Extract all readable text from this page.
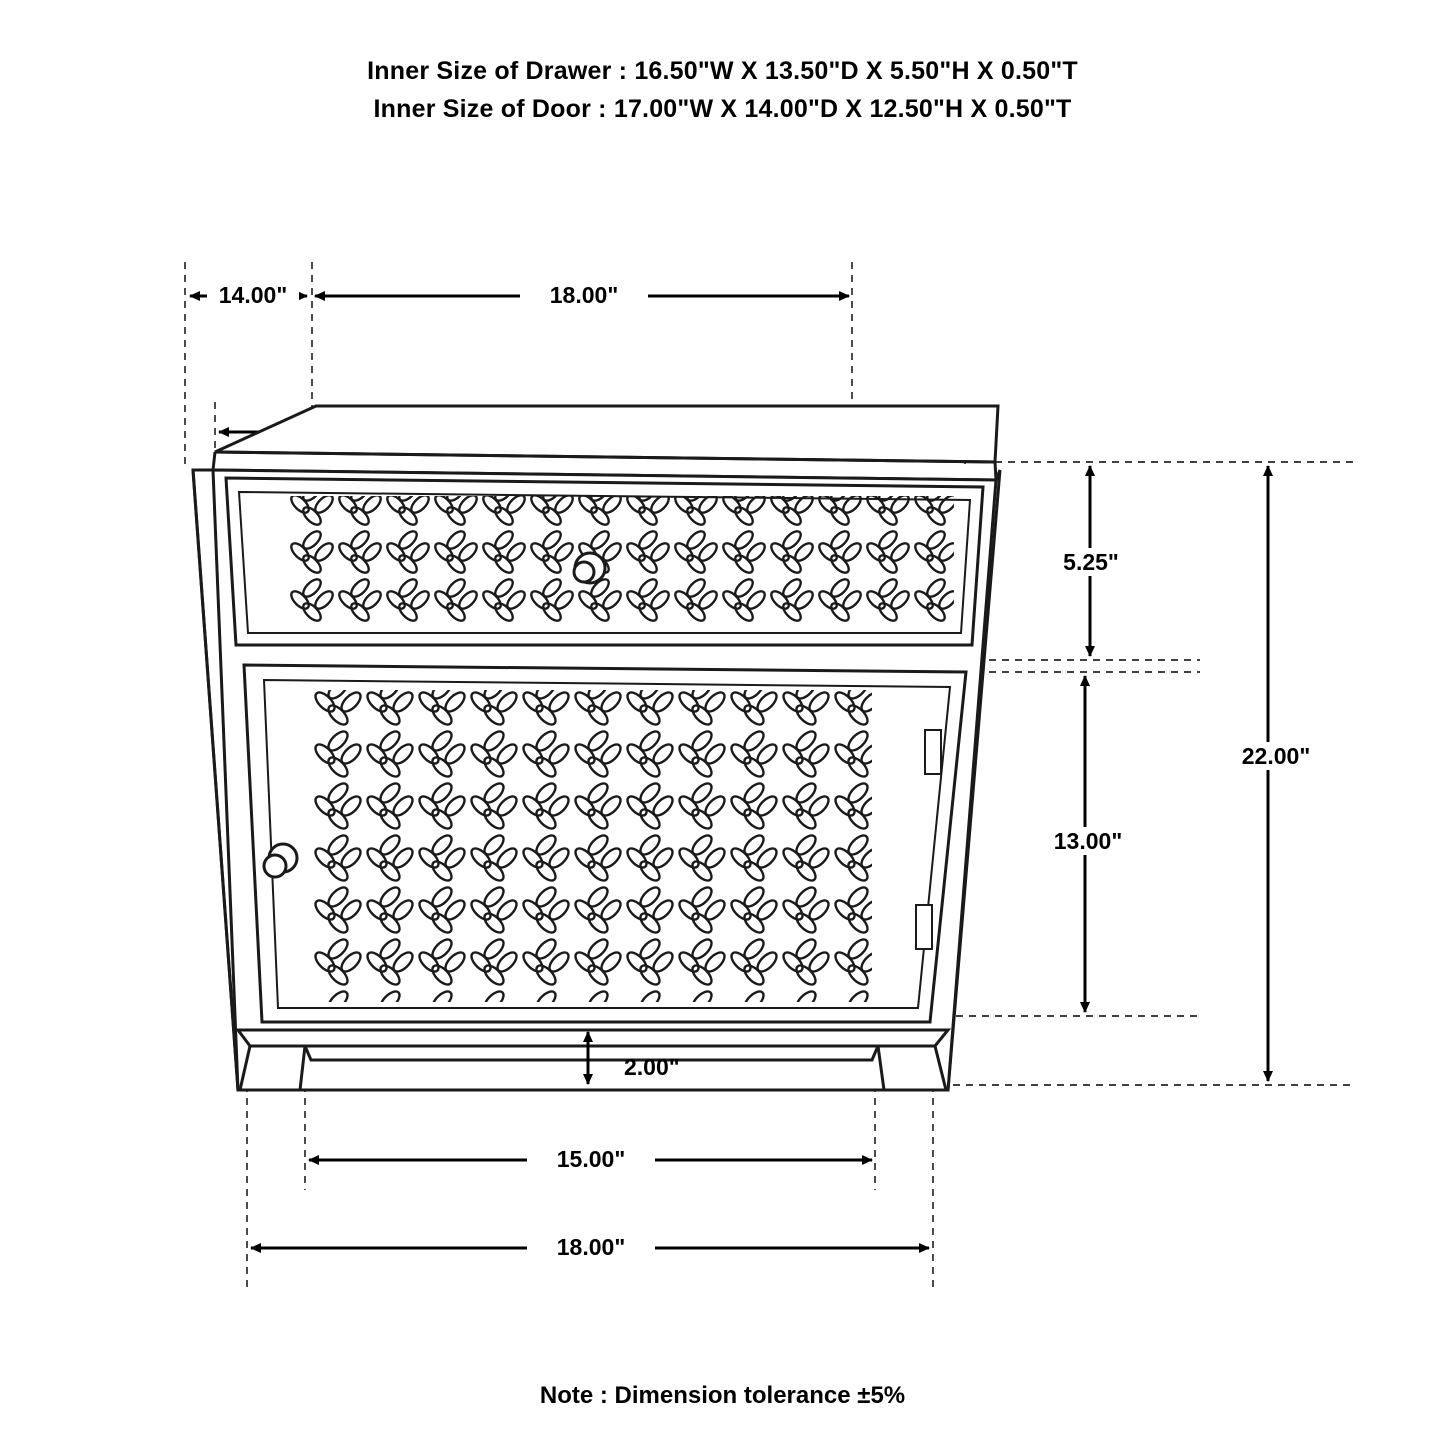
Inner Size of Drawer : 16.50"W X 13.50"D X 5.50"H X 0.50"T
Inner Size of Door : 17.00"W X 14.00"D X 12.50"H X 0.50"T
14.00"	18.00"
5.25"
13.00"
22.00"
2.00"
15.00"
18.00"
Note : Dimension tolerance ±5%
